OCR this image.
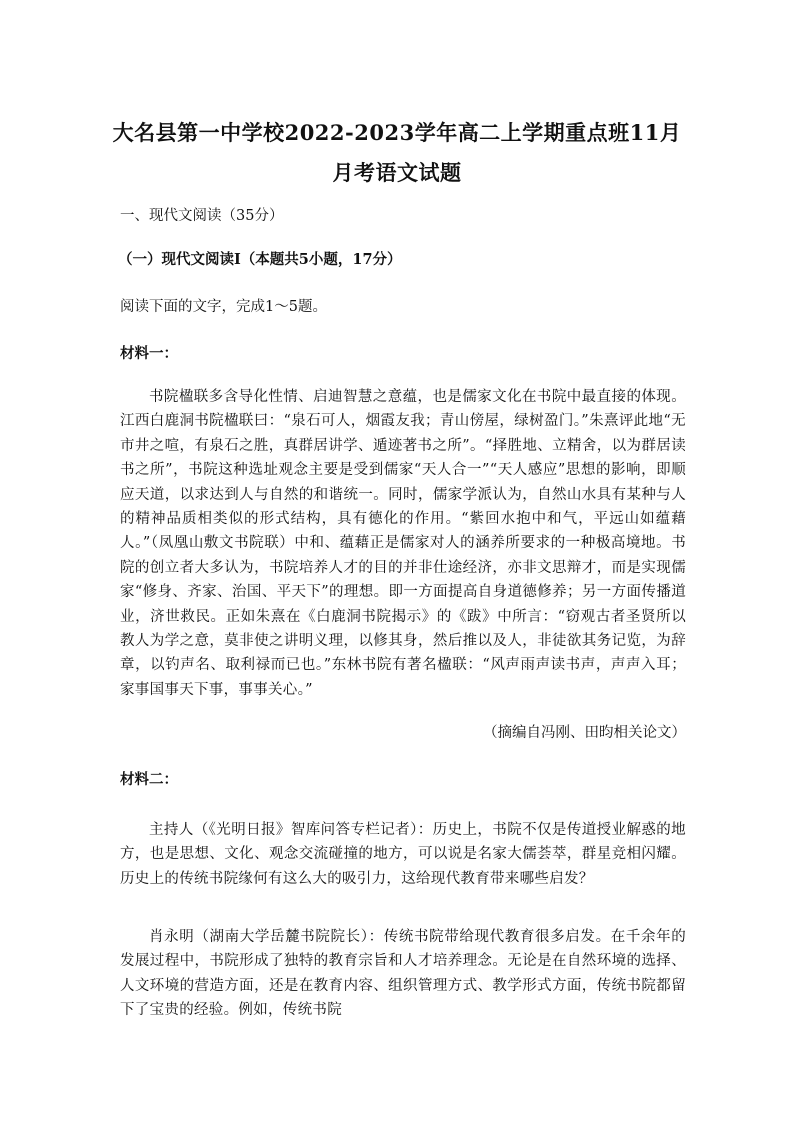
大名县第一中学校2022-2023学年高二上学期重点班11月
月考语文试题
一、现代文阅读（35分）
（一）现代文阅读Ⅰ（本题共5小题，17分）
阅读下面的文字，完成1～5题。
材料一：

书院楹联多含导化性情、启迪智慧之意蕴，也是儒家文化在书院中最直接的体现。江西白鹿洞书院楹联曰：“泉石可人，烟霞友我；青山傍屋，绿树盈门。”朱熹评此地“无市井之喧，有泉石之胜，真群居讲学、遁迹著书之所”。“择胜地、立精舍，以为群居读书之所”，书院这种选址观念主要是受到儒家“天人合一”“天人感应”思想的影响，即顺应天道，以求达到人与自然的和谐统一。同时，儒家学派认为，自然山水具有某种与人的精神品质相类似的形式结构，具有德化的作用。“紫回水抱中和气，平远山如蕴藉人。”（凤凰山敷文书院联）中和、蕴藉正是儒家对人的涵养所要求的一种极高境地。书院的创立者大多认为，书院培养人才的目的并非仕途经济，亦非文思辩才，而是实现儒家“修身、齐家、治国、平天下”的理想。即一方面提高自身道德修养；另一方面传播道业，济世救民。正如朱熹在《白鹿洞书院揭示》的《跋》中所言：“窃观古者圣贤所以教人为学之意，莫非使之讲明义理，以修其身，然后推以及人，非徒欲其务记览，为辞章，以钓声名、取利禄而已也。”东林书院有著名楹联：“风声雨声读书声，声声入耳；家事国事天下事，事事关心。”

（摘编自冯刚、田昀相关论文）
材料二：

主持人（《光明日报》智库问答专栏记者）：历史上，书院不仅是传道授业解惑的地方，也是思想、文化、观念交流碰撞的地方，可以说是名家大儒荟萃，群星竞相闪耀。历史上的传统书院缘何有这么大的吸引力，这给现代教育带来哪些启发？

肖永明（湖南大学岳麓书院院长）：传统书院带给现代教育很多启发。在千余年的发展过程中，书院形成了独特的教育宗旨和人才培养理念。无论是在自然环境的选择、人文环境的营造方面，还是在教育内容、组织管理方式、教学形式方面，传统书院都留下了宝贵的经验。例如，传统书院
